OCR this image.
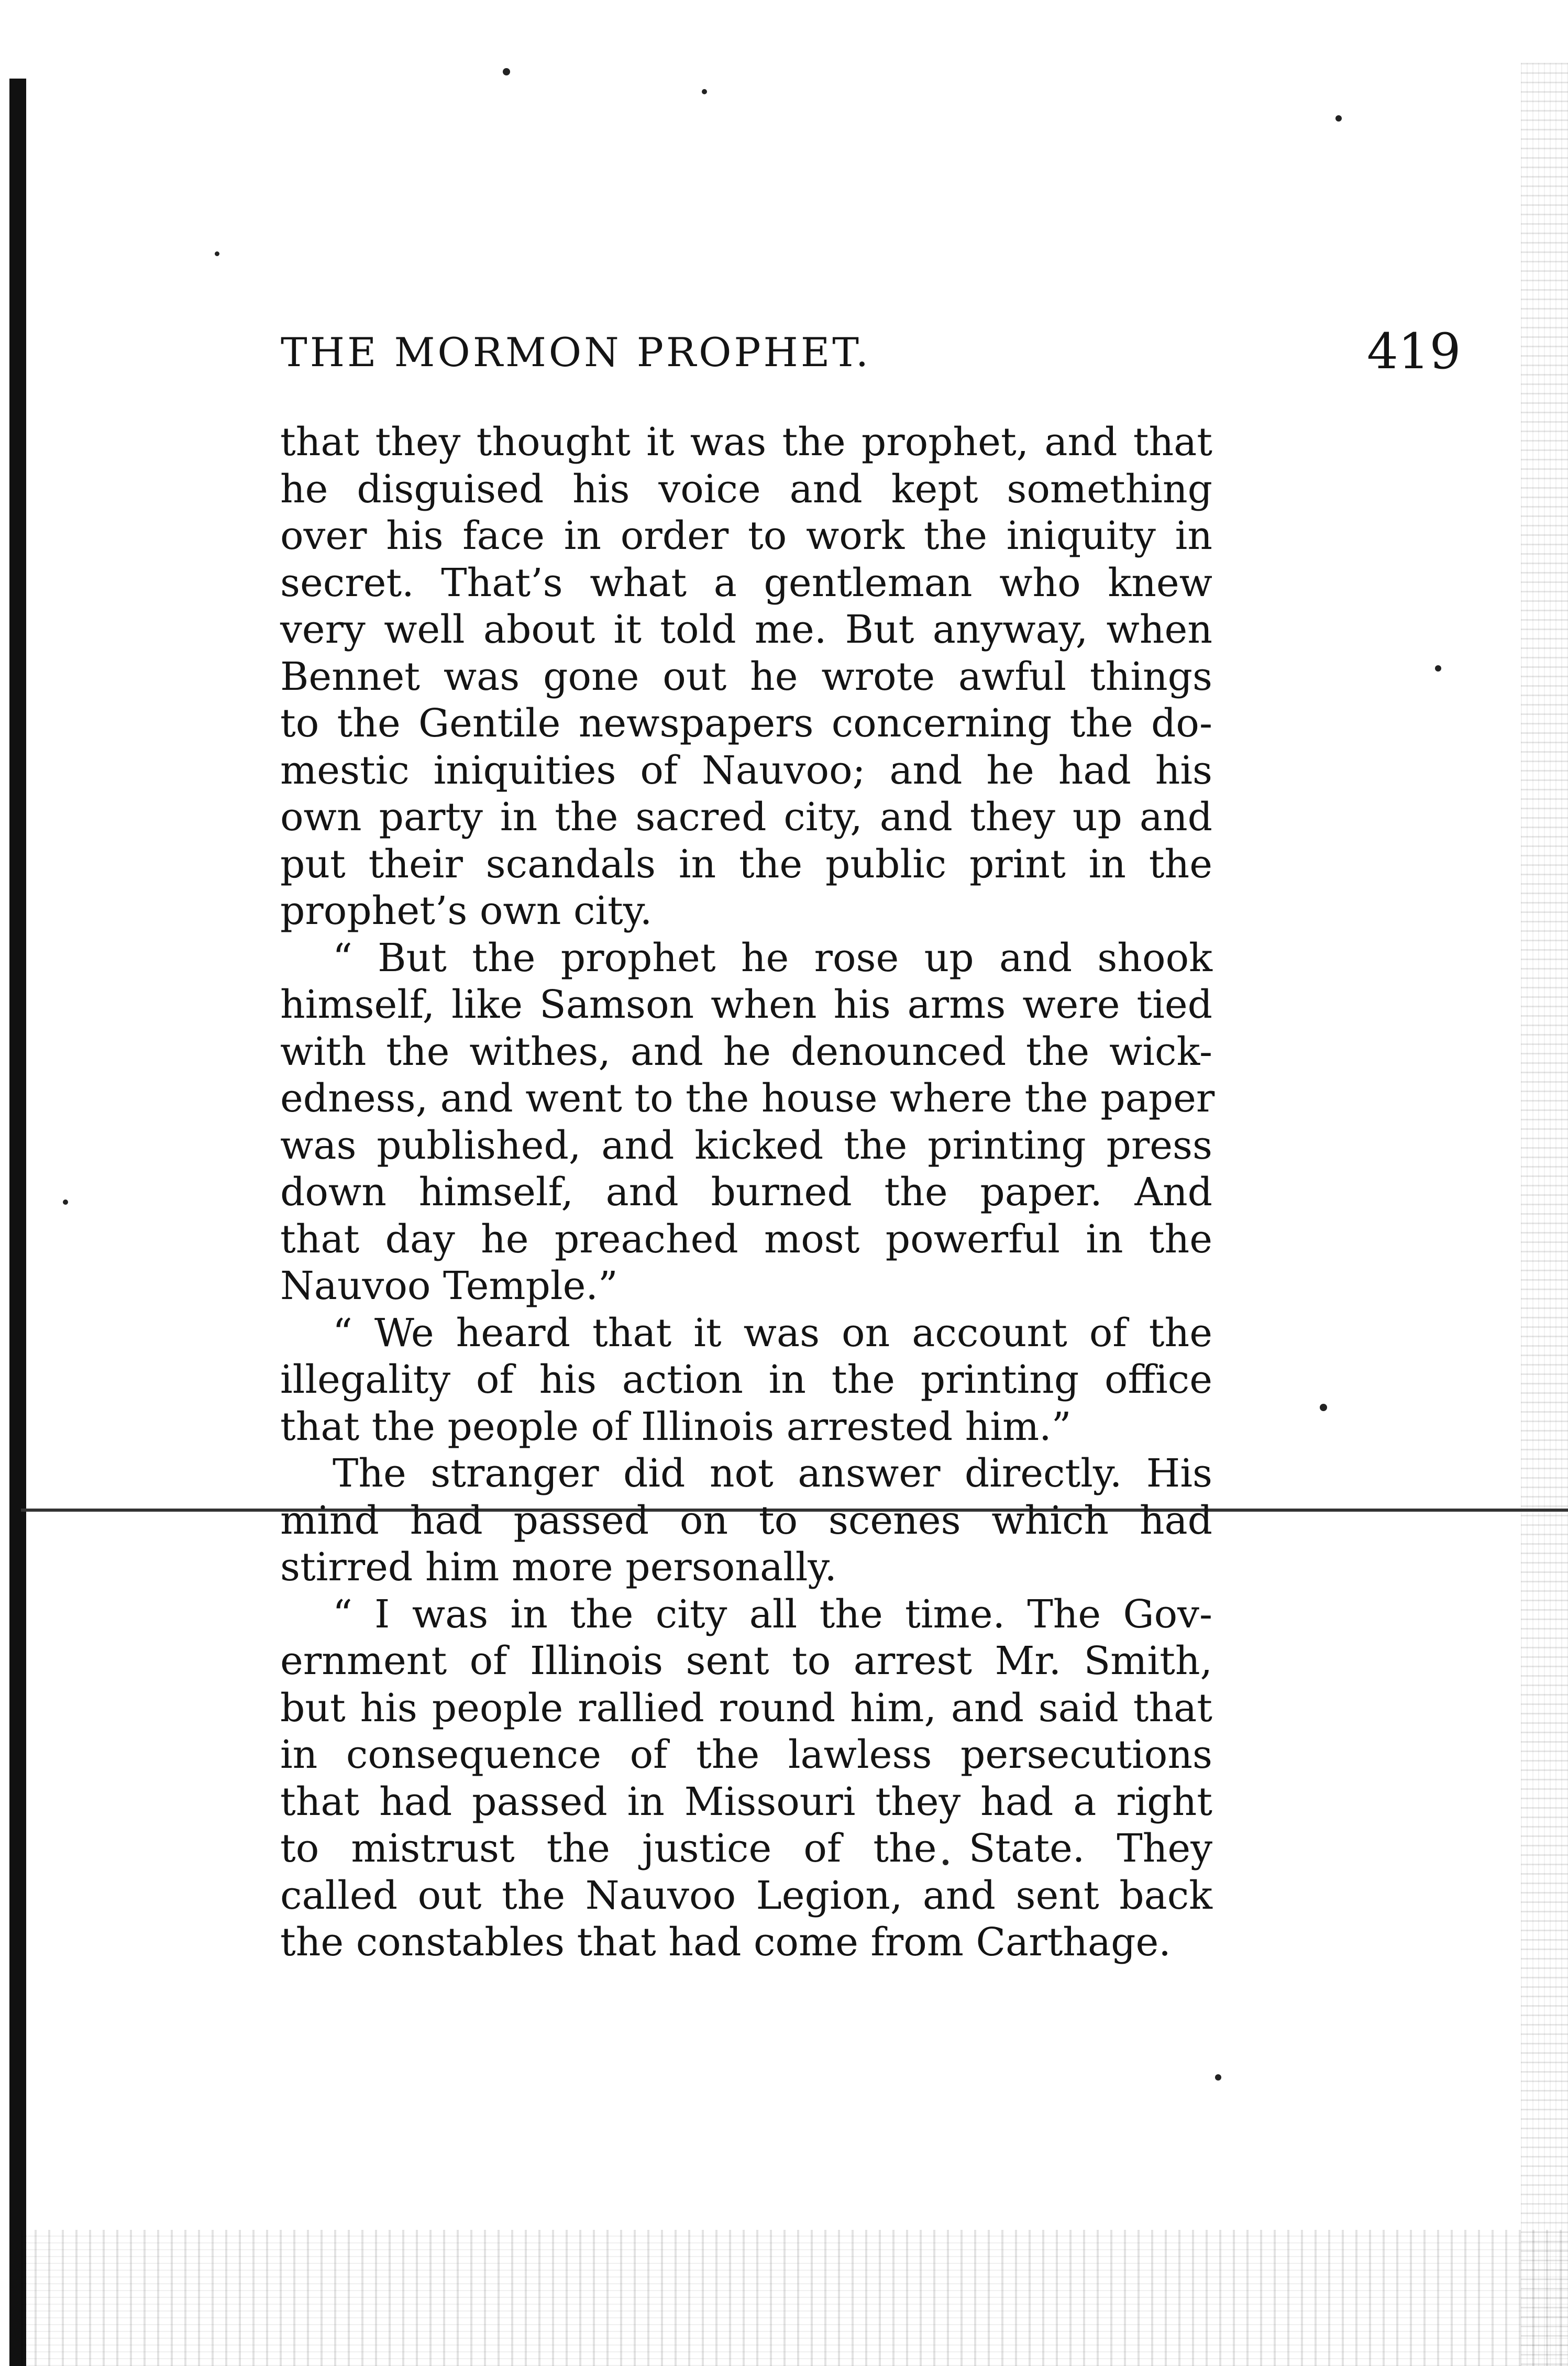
THE MORMON PROPHET.	419
that they thought it was the prophet, and that
he disguised his voice and kept something
over his face in order to work the iniquity in
secret. That’s what a gentleman who knew
very well about it told me. But anyway, when
Bennet was gone out he wrote awful things
to the Gentile newspapers concerning the do-
mestic iniquities of Nauvoo; and he had his
own party in the sacred city, and they up and
put their scandals in the public print in the
prophet’s own city.
“ But the prophet he rose up and shook
himself, like Samson when his arms were tied
with the withes, and he denounced the wick-
edness, and went to the house where the paper
was published, and kicked the printing press
down himself, and burned the paper. And
that day he preached most powerful in the
Nauvoo Temple.”
“ We heard that it was on account of the
illegality of his action in the printing office
that the people of Illinois arrested him.”
The stranger did not answer directly. His
mind had passed on to scenes which had
stirred him more personally.
“ I was in the city all the time. The Gov-
ernment of Illinois sent to arrest Mr. Smith,
but his people rallied round him, and said that
in consequence of the lawless persecutions
that had passed in Missouri they had a right
to mistrust the justice of the State. They
called out the Nauvoo Legion, and sent back
the constables that had come from Carthage.
